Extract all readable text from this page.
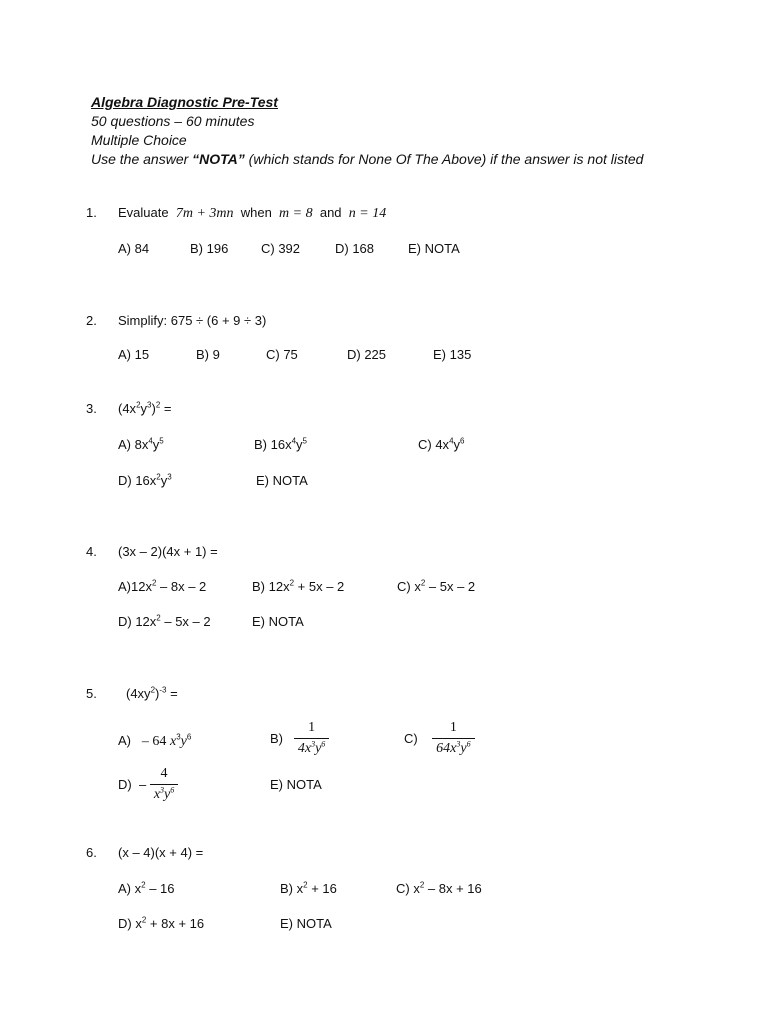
Algebra Diagnostic Pre-Test
50 questions – 60 minutes
Multiple Choice
Use the answer “NOTA” (which stands for None Of The Above) if the answer is not listed
1. Evaluate 7m + 3mn when m = 8 and n = 14
A) 84	B) 196	C) 392	D) 168	E) NOTA
2. Simplify: 675 ÷ (6 + 9 ÷ 3)
A) 15	B) 9	C) 75	D) 225	E) 135
3. $(4x^2y^3)^2$ =
A) $8x^4y^5$	B) $16x^4y^5$	C) $4x^4y^6$
D) $16x^2y^3$	E) NOTA
4. (3x – 2)(4x + 1) =
$A)12x^2 - 8x - 2$	B) $12x^2 + 5x - 2$	C) $x^2 - 5x - 2$
D) $12x^2 - 5x - 2$	E) NOTA
5. $(4xy^2)^{-3}$ =
A) – 64 $x^3y^6$	$B) \frac{1}{4x^3y^6}$	$C) \frac{1}{64x^3y^6}$
$D) - \frac{4}{x^3y^6}$	E) NOTA
6. (x – 4)(x + 4) =
A) $x^2 - 16$	B) $x^2 + 16$	C) $x^2 - 8x + 16$
D) $x^2 + 8x + 16$	E) NOTA
